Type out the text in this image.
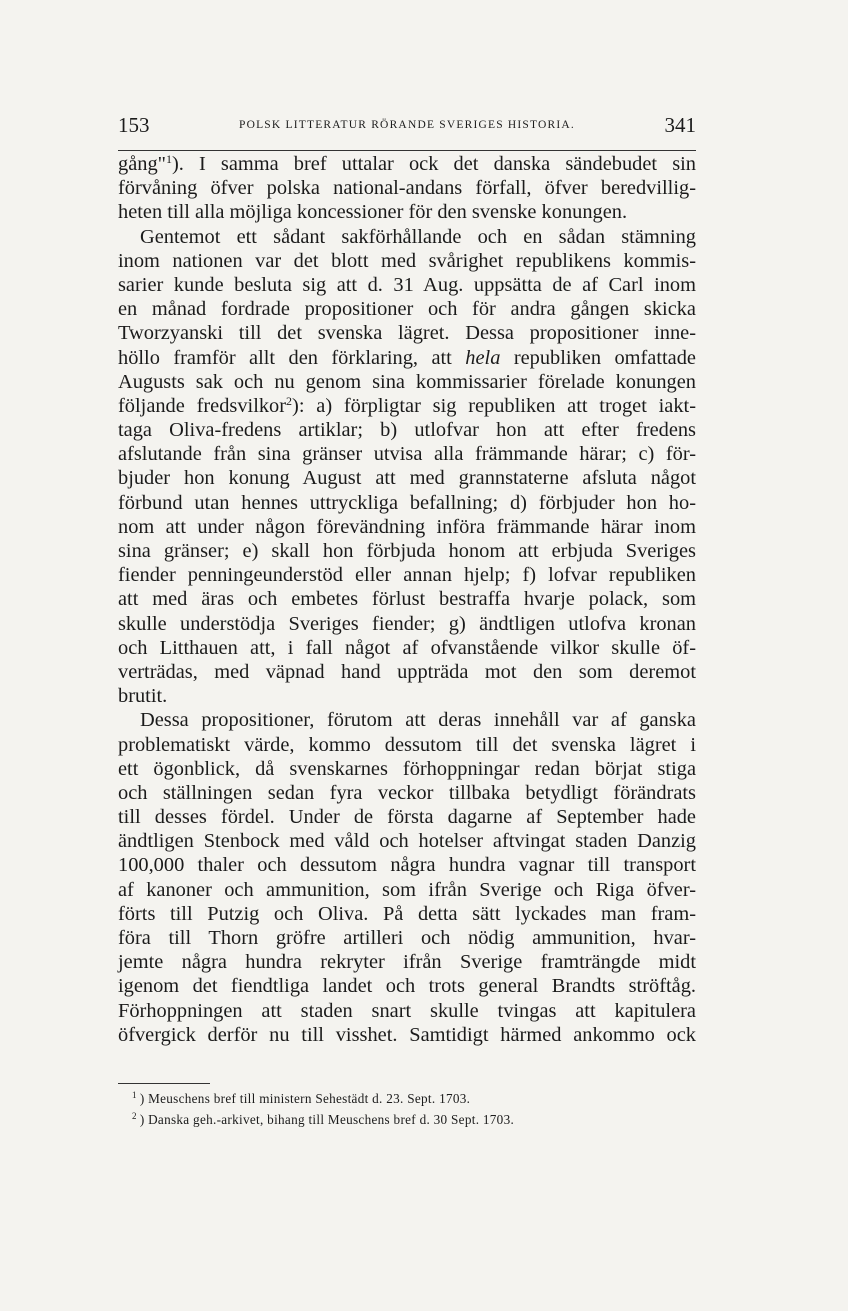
153	POLSK LITTERATUR RÖRANDE SVERIGES HISTORIA.	341
gång"$^1$). I samma bref uttalar ock det danska sändebudet sin
förvåning öfver polska national-andans förfall, öfver beredvillig-
heten till alla möjliga koncessioner för den svenske konungen.
Gentemot ett sådant sakförhållande och en sådan stämning
inom nationen var det blott med svårighet republikens kommis-
sarier kunde besluta sig att d. 31 Aug. uppsätta de af Carl inom
en månad fordrade propositioner och för andra gången skicka
Tworzyanski till det svenska lägret. Dessa propositioner inne-
höllo framför allt den förklaring, att hela republiken omfattade
Augusts sak och nu genom sina kommissarier förelade konungen
följande fredsvilkor$^2$): a) förpligtar sig republiken att troget iakt-
taga Oliva-fredens artiklar; b) utlofvar hon att efter fredens
afslutande från sina gränser utvisa alla främmande härar; c) för-
bjuder hon konung August att med grannstaterne afsluta något
förbund utan hennes uttryckliga befallning; d) förbjuder hon ho-
nom att under någon förevändning införa främmande härar inom
sina gränser; e) skall hon förbjuda honom att erbjuda Sveriges
fiender penningeunderstöd eller annan hjelp; f) lofvar republiken
att med äras och embetes förlust bestraffa hvarje polack, som
skulle understödja Sveriges fiender; g) ändtligen utlofva kronan
och Litthauen att, i fall något af ofvanstående vilkor skulle öf-
verträdas, med väpnad hand uppträda mot den som deremot
brutit.
Dessa propositioner, förutom att deras innehåll var af ganska
problematiskt värde, kommo dessutom till det svenska lägret i
ett ögonblick, då svenskarnes förhoppningar redan börjat stiga
och ställningen sedan fyra veckor tillbaka betydligt förändrats
till desses fördel. Under de första dagarne af September hade
ändtligen Stenbock med våld och hotelser aftvingat staden Danzig
100,000 thaler och dessutom några hundra vagnar till transport
af kanoner och ammunition, som ifrån Sverige och Riga öfver-
förts till Putzig och Oliva. På detta sätt lyckades man fram-
föra till Thorn gröfre artilleri och nödig ammunition, hvar-
jemte några hundra rekryter ifrån Sverige framträngde midt
igenom det fiendtliga landet och trots general Brandts ströftåg.
Förhoppningen att staden snart skulle tvingas att kapitulera
öfvergick derför nu till visshet. Samtidigt härmed ankommo ock
$^1$ ) Meuschens bref till ministern Sehestädt d. 23. Sept. 1703.
$^2$ ) Danska geh.-arkivet, bihang till Meuschens bref d. 30 Sept. 1703.
